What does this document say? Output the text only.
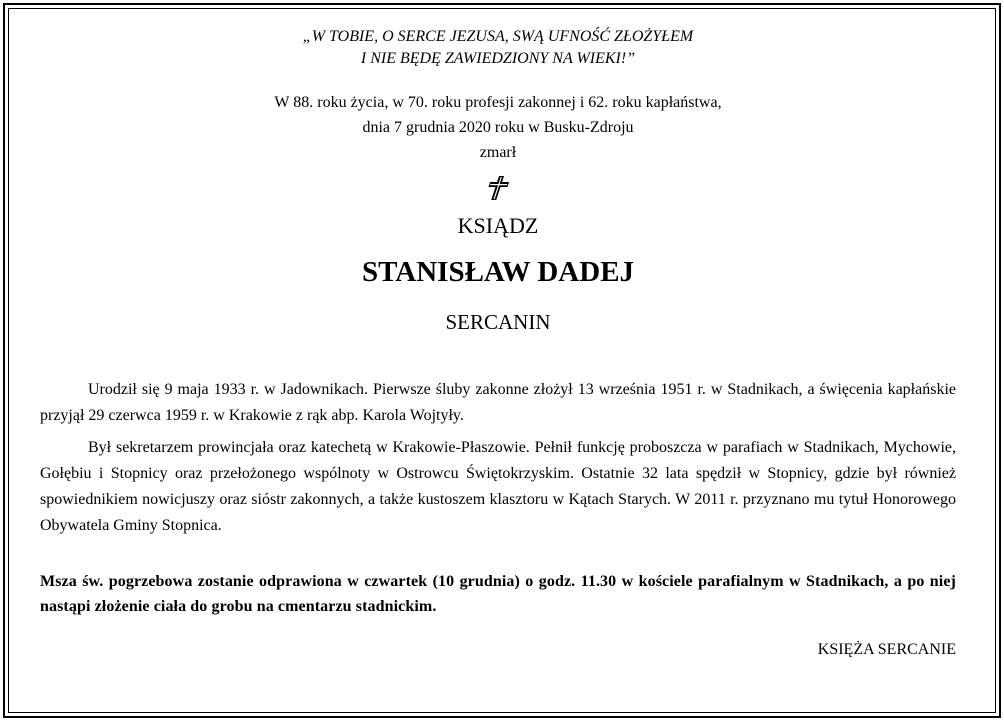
„W TOBIE, O SERCE JEZUSA, SWĄ UFNOŚĆ ZŁOŻYŁEM
I NIE BĘDĘ ZAWIEDZIONY NA WIEKI!”

W 88. roku życia, w 70. roku profesji zakonnej i 62. roku kapłaństwa,
dnia 7 grudnia 2020 roku w Busku-Zdroju
zmarł

KSIĄDZ

STANISŁAW DADEJ

SERCANIN

Urodził się 9 maja 1933 r. w Jadownikach. Pierwsze śluby zakonne złożył 13 września 1951 r. w Stadnikach, a święcenia kapłańskie przyjął 29 czerwca 1959 r. w Krakowie z rąk abp. Karola Wojtyły.

Był sekretarzem prowincjała oraz katechetą w Krakowie-Płaszowie. Pełnił funkcję proboszcza w parafiach w Stadnikach, Mychowie, Gołębiu i Stopnicy oraz przełożonego wspólnoty w Ostrowcu Świętokrzyskim. Ostatnie 32 lata spędził w Stopnicy, gdzie był również spowiednikiem nowicjuszy oraz sióstr zakonnych, a także kustoszem klasztoru w Kątach Starych. W 2011 r. przyznano mu tytuł Honorowego Obywatela Gminy Stopnica.

Msza św. pogrzebowa zostanie odprawiona w czwartek (10 grudnia) o godz. 11.30 w kościele parafialnym w Stadnikach, a po niej nastąpi złożenie ciała do grobu na cmentarzu stadnickim.

KSIĘŻA SERCANIE
